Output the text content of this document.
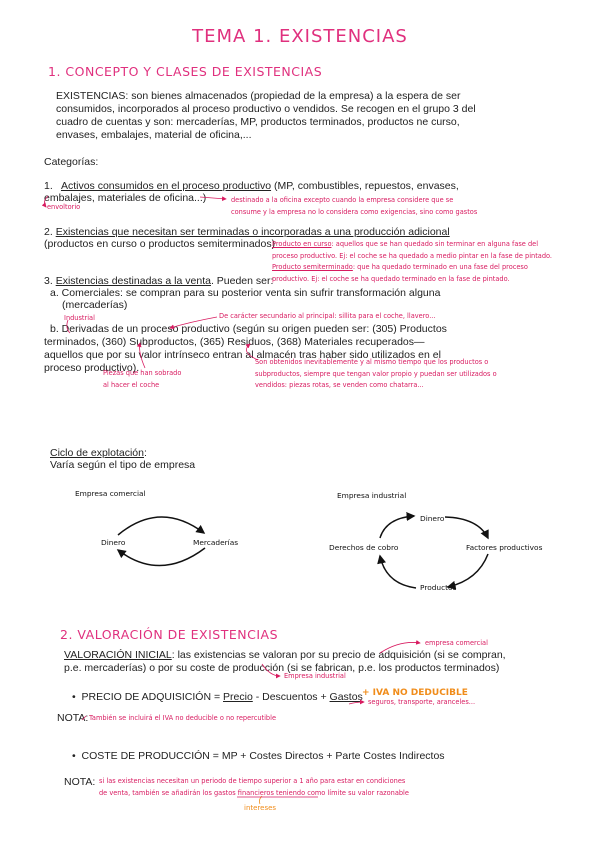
TEMA 1. EXISTENCIAS
1. CONCEPTO Y CLASES DE EXISTENCIAS
EXISTENCIAS: son bienes almacenados (propiedad de la empresa) a la espera de ser
consumidos, incorporados al proceso productivo o vendidos. Se recogen en el grupo 3 del
cuadro de cuentas y son: mercaderías, MP, productos terminados, productos ne curso,
envases, embalajes, material de oficina,...
Categorías:
1. Activos consumidos en el proceso productivo (MP, combustibles, repuestos, envases,
embalajes, materiales de oficina...)
envoltorio
destinado a la oficina excepto cuando la empresa considere que se
consume y la empresa no lo considera como exigencias, sino como gastos
2. Existencias que necesitan ser terminadas o incorporadas a una producción adicional
(productos en curso o productos semiterminados)
Producto en curso: aquellos que se han quedado sin terminar en alguna fase del
proceso productivo. Ej: el coche se ha quedado a medio pintar en la fase de pintado.
Producto semiterminado: que ha quedado terminado en una fase del proceso
productivo. Ej: el coche se ha quedado terminado en la fase de pintado.
3. Existencias destinadas a la venta. Pueden ser:
a. Comerciales: se compran para su posterior venta sin sufrir transformación alguna
(mercaderías)
Industrial	De carácter secundario al principal: sillita para el coche, llavero...
b. Derivadas de un proceso productivo (según su origen pueden ser: (305) Productos
terminados, (360) Subproductos, (365) Residuos, (368) Materiales recuperados—
aquellos que por su valor intrínseco entran al almacén tras haber sido utilizados en el
proceso productivo).
Piezas que han sobrado
al hacer el coche
Son obtenidos inevitablemente y al mismo tiempo que los productos o
subproductos, siempre que tengan valor propio y puedan ser utilizados o
vendidos: piezas rotas, se venden como chatarra...
Ciclo de explotación:
Varía según el tipo de empresa
Empresa comercial
Dinero	Mercaderías
Empresa industrial
Dinero
Factores productivos
Productos
Derechos de cobro
2. VALORACIÓN DE EXISTENCIAS
empresa comercial
VALORACIÓN INICIAL: las existencias se valoran por su precio de adquisición (si se compran,
p.e. mercaderías) o por su coste de producción (si se fabrican, p.e. los productos terminados)
Empresa industrial
•  PRECIO DE ADQUISICIÓN = Precio - Descuentos + Gastos + IVA NO DEDUCIBLE
seguros, transporte, aranceles...
NOTA: También se incluirá el IVA no deducible o no repercutible
•  COSTE DE PRODUCCIÓN = MP + Costes Directos + Parte Costes Indirectos
NOTA: si las existencias necesitan un periodo de tiempo superior a 1 año para estar en condiciones
de venta, también se añadirán los gastos financieros teniendo como límite su valor razonable
intereses
